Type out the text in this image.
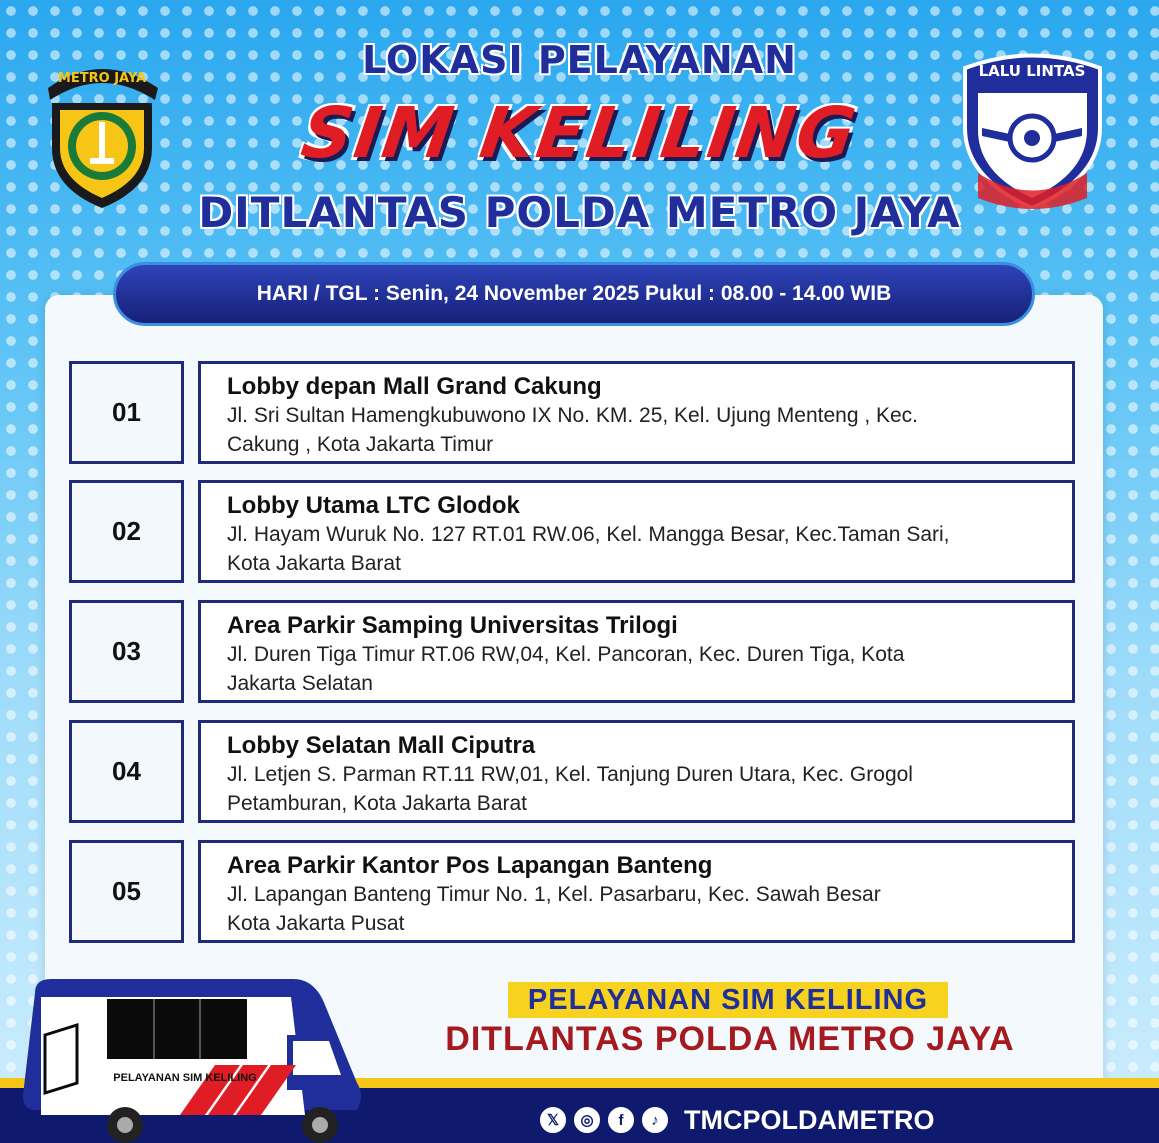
METRO JAYA	LALU LINTAS
LOKASI PELAYANAN
SIM KELILING
DITLANTAS POLDA METRO JAYA
HARI / TGL : Senin, 24 November 2025 Pukul : 08.00 - 14.00 WIB
01
Lobby depan Mall Grand Cakung
Jl. Sri Sultan Hamengkubuwono IX No. KM. 25, Kel. Ujung Menteng , Kec.
Cakung , Kota Jakarta Timur
02
Lobby Utama LTC Glodok
Jl. Hayam Wuruk No. 127 RT.01 RW.06, Kel. Mangga Besar, Kec.Taman Sari,
Kota Jakarta Barat
03
Area Parkir Samping Universitas Trilogi
Jl. Duren Tiga Timur RT.06 RW,04, Kel. Pancoran, Kec. Duren Tiga, Kota
Jakarta Selatan
04
Lobby Selatan Mall Ciputra
Jl. Letjen S. Parman RT.11 RW,01, Kel. Tanjung Duren Utara, Kec. Grogol
Petamburan, Kota Jakarta Barat
05
Area Parkir Kantor Pos Lapangan Banteng
Jl. Lapangan Banteng Timur No. 1, Kel. Pasarbaru, Kec. Sawah Besar
Kota Jakarta Pusat
PELAYANAN SIM KELILING
DITLANTAS POLDA METRO JAYA
𝕏	◎	f	♪ TMCPOLDAMETRO
PELAYANAN SIM KELILING
